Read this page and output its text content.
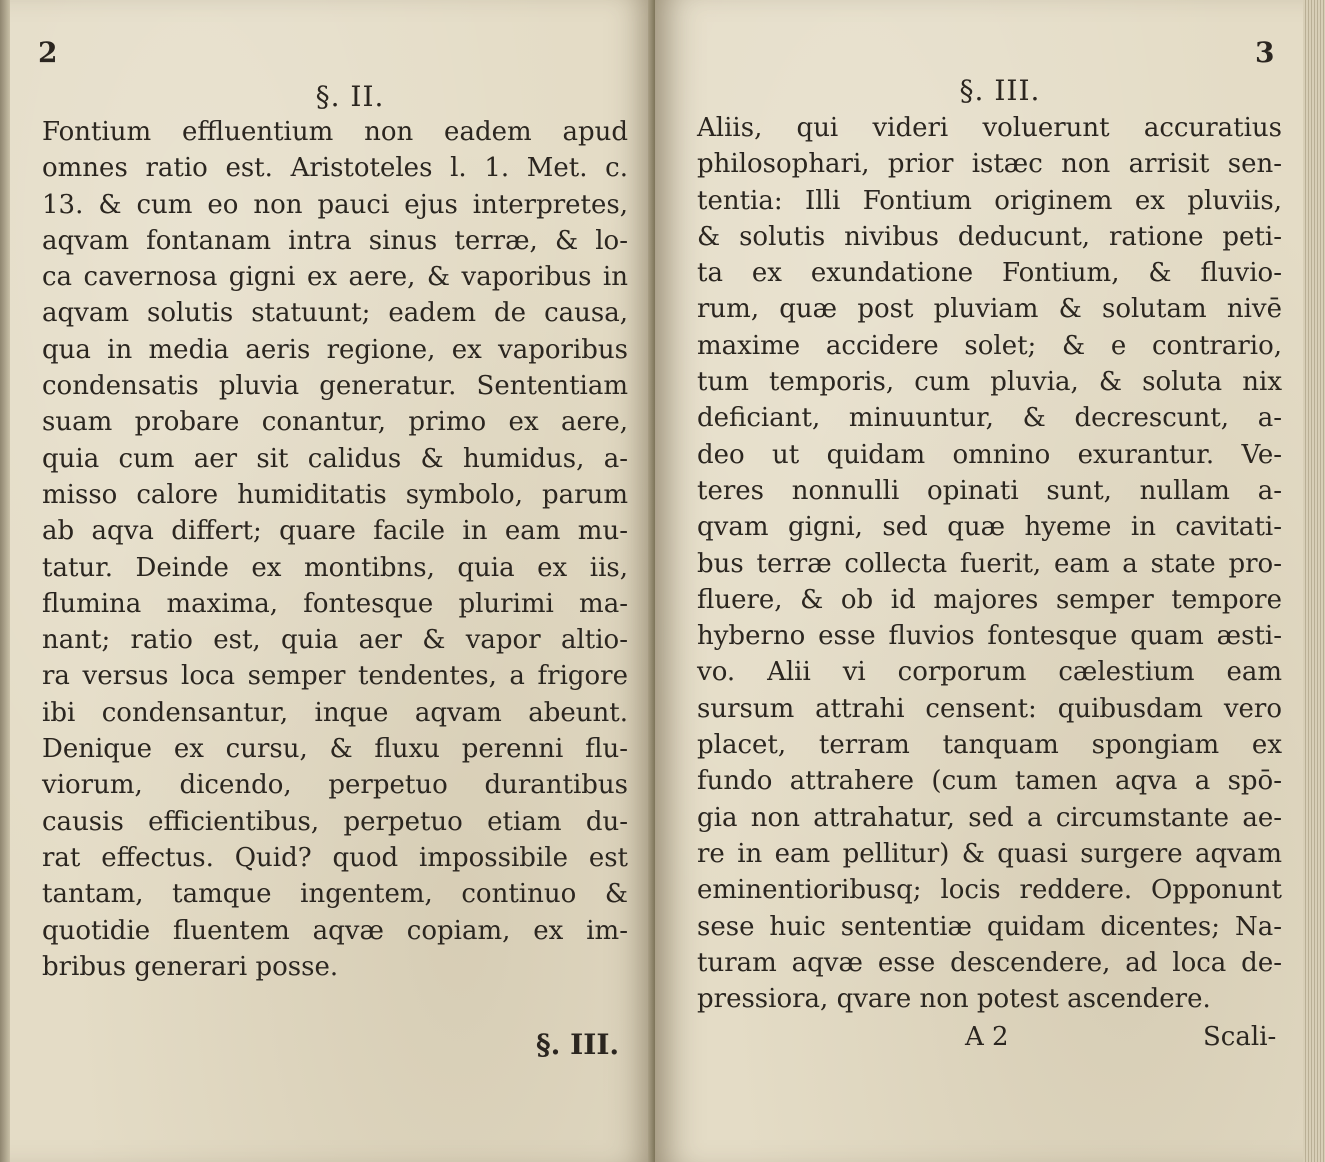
2
§. II.
Fontium effluentium non eadem apud
omnes ratio est. Aristoteles l. 1. Met. c.
13. & cum eo non pauci ejus interpretes,
aqvam fontanam intra sinus terræ, & lo-
ca cavernosa gigni ex aere, & vaporibus in
aqvam solutis statuunt; eadem de causa,
qua in media aeris regione, ex vaporibus
condensatis pluvia generatur. Sententiam
suam probare conantur, primo ex aere,
quia cum aer sit calidus & humidus, a-
misso calore humiditatis symbolo, parum
ab aqva differt; quare facile in eam mu-
tatur. Deinde ex montibns, quia ex iis,
flumina maxima, fontesque plurimi ma-
nant; ratio est, quia aer & vapor altio-
ra versus loca semper tendentes, a frigore
ibi condensantur, inque aqvam abeunt.
Denique ex cursu, & fluxu perenni flu-
viorum, dicendo, perpetuo durantibus
causis efficientibus, perpetuo etiam du-
rat effectus. Quid? quod impossibile est
tantam, tamque ingentem, continuo &
quotidie fluentem aqvæ copiam, ex im-
bribus generari posse.
§. III.
3
§. III.
Aliis, qui videri voluerunt accuratius
philosophari, prior istæc non arrisit sen-
tentia: Illi Fontium originem ex pluviis,
& solutis nivibus deducunt, ratione peti-
ta ex exundatione Fontium, & fluvio-
rum, quæ post pluviam & solutam nivē
maxime accidere solet; & e contrario,
tum temporis, cum pluvia, & soluta nix
deficiant, minuuntur, & decrescunt, a-
deo ut quidam omnino exurantur. Ve-
teres nonnulli opinati sunt, nullam a-
qvam gigni, sed quæ hyeme in cavitati-
bus terræ collecta fuerit, eam a state pro-
fluere, & ob id majores semper tempore
hyberno esse fluvios fontesque quam æsti-
vo. Alii vi corporum cælestium eam
sursum attrahi censent: quibusdam vero
placet, terram tanquam spongiam ex
fundo attrahere (cum tamen aqva a spō-
gia non attrahatur, sed a circumstante ae-
re in eam pellitur) & quasi surgere aqvam
eminentioribusq; locis reddere. Opponunt
sese huic sententiæ quidam dicentes; Na-
turam aqvæ esse descendere, ad loca de-
pressiora, qvare non potest ascendere.
A 2	Scali-
